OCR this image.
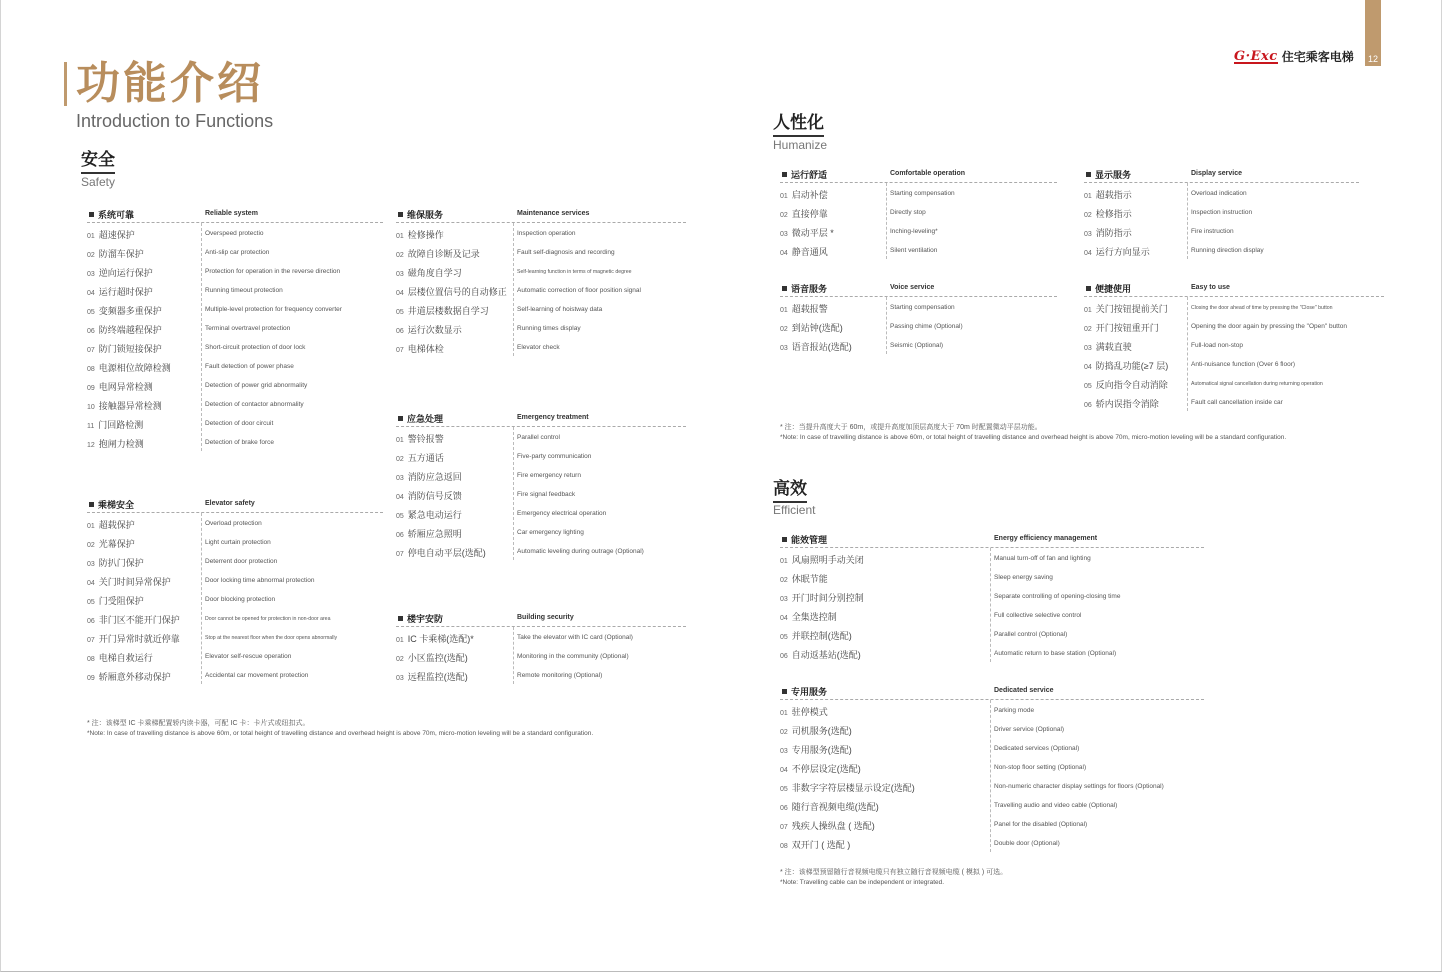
12
G·Exc 住宅乘客电梯
功能介绍
Introduction to Functions
安全
Safety
人性化
Humanize
高效
Efficient
系统可靠	Reliable system
01 超速保护	Overspeed protectio
02 防溜车保护	Anti-slip car protection
03 逆向运行保护	Protection for operation in the reverse direction
04 运行超时保护	Running timeout protection
05 变频器多重保护	Multiple-level protection for frequency converter
06 防终端越程保护	Terminal overtravel protection
07 防门锁短接保护	Short-circuit protection of door lock
08 电源相位故障检测	Fault detection of power phase
09 电网异常检测	Detection of power grid abnormality
10 接触器异常检测	Detection of contactor abnormality
11 门回路检测	Detection of door circuit
12 抱闸力检测	Detection of brake force
维保服务	Maintenance services
01 检修操作	Inspection operation
02 故障自诊断及记录	Fault self-diagnosis and recording
03 磁角度自学习	Self-learning function in terms of magnetic degree
04 层楼位置信号的自动修正 Automatic correction of floor position signal
05 井道层楼数据自学习	Self-learning of hoistway data
06 运行次数显示	Running times display
07 电梯体检	Elevator check
应急处理	Emergency treatment
01 警铃报警	Parallel control
02 五方通话	Five-party communication
03 消防应急返回	Fire emergency return
04 消防信号反馈	Fire signal feedback
05 紧急电动运行	Emergency electrical operation
06 轿厢应急照明	Car emergency lighting
07 停电自动平层(选配)	Automatic leveling during outrage (Optional)
乘梯安全	Elevator safety
01 超载保护	Overload protection
02 光幕保护	Light curtain protection
03 防扒门保护	Deterrent door protection
04 关门时间异常保护	Door locking time abnormal protection
05 门受阻保护	Door blocking protection
06 非门区不能开门保护	Door cannot be opened for protection in non-door area
07 开门异常时就近停靠	Stop at the nearest floor when the door opens abnormally
08 电梯自救运行	Elevator self-rescue operation
09 轿厢意外移动保护	Accidental car movement protection
楼宇安防	Building security
01 IC 卡乘梯(选配)*	Take the elevator with IC card (Optional)
02 小区监控(选配)	Monitoring in the community (Optional)
03 远程监控(选配)	Remote monitoring (Optional)
运行舒适	Comfortable operation
01 启动补偿	Starting compensation
02 直接停靠	Directly stop
03 微动平层 *	Inching-leveling*
04 静音通风	Silent ventilation
显示服务	Display service
01 超载指示	Overload indication
02 检修指示	Inspection instruction
03 消防指示	Fire instruction
04 运行方向显示	Running direction display
语音服务	Voice service
01 超载报警	Starting compensation
02 到站钟(选配)	Passing chime (Optional)
03 语音报站(选配)	Seismic (Optional)
便捷使用	Easy to use
01 关门按钮提前关门	Closing the door ahead of time by pressing the "Close" button
02 开门按钮重开门	Opening the door again by pressing the "Open" button
03 满载直驶	Full-load non-stop
04 防捣乱功能(≥7 层)	Anti-nuisance function (Over 6 floor)
05 反向指令自动消除	Automatical signal cancellation during returning operation
06 轿内误指令消除	Fault call cancellation inside car
能效管理	Energy efficiency management
01 风扇照明手动关闭	Manual turn-off of fan and lighting
02 休眠节能	Sleep energy saving
03 开门时间分别控制	Separate controlling of opening-closing time
04 全集选控制	Full collective selective control
05 并联控制(选配)	Parallel control (Optional)
06 自动返基站(选配)	Automatic return to base station (Optional)
专用服务	Dedicated service
01 驻停模式	Parking mode
02 司机服务(选配)	Driver service (Optional)
03 专用服务(选配)	Dedicated services (Optional)
04 不停层设定(选配)	Non-stop floor setting (Optional)
05 非数字字符层楼显示设定(选配)	Non-numeric character display settings for floors (Optional)
06 随行音视频电缆(选配)	Travelling audio and video cable (Optional)
07 残疾人操纵盘 ( 选配)	Panel for the disabled (Optional)
08 双开门 ( 选配 )	Double door (Optional)
* 注：该梯型 IC 卡乘梯配置轿内读卡器，可配 IC 卡：卡片式或纽扣式。
*Note: In case of travelling distance is above 60m, or total height of travelling distance and overhead height is above 70m, micro-motion leveling will be a standard configuration.
* 注：当提升高度大于 60m，或提升高度加顶层高度大于 70m 时配置微动平层功能。
*Note: In case of travelling distance is above 60m, or total height of travelling distance and overhead height is above 70m, micro-motion leveling will be a standard configuration.
* 注：该梯型预留随行音视频电缆只有独立随行音视频电缆 ( 模拟 ) 可选。
*Note: Travelling cable can be independent or integrated.
